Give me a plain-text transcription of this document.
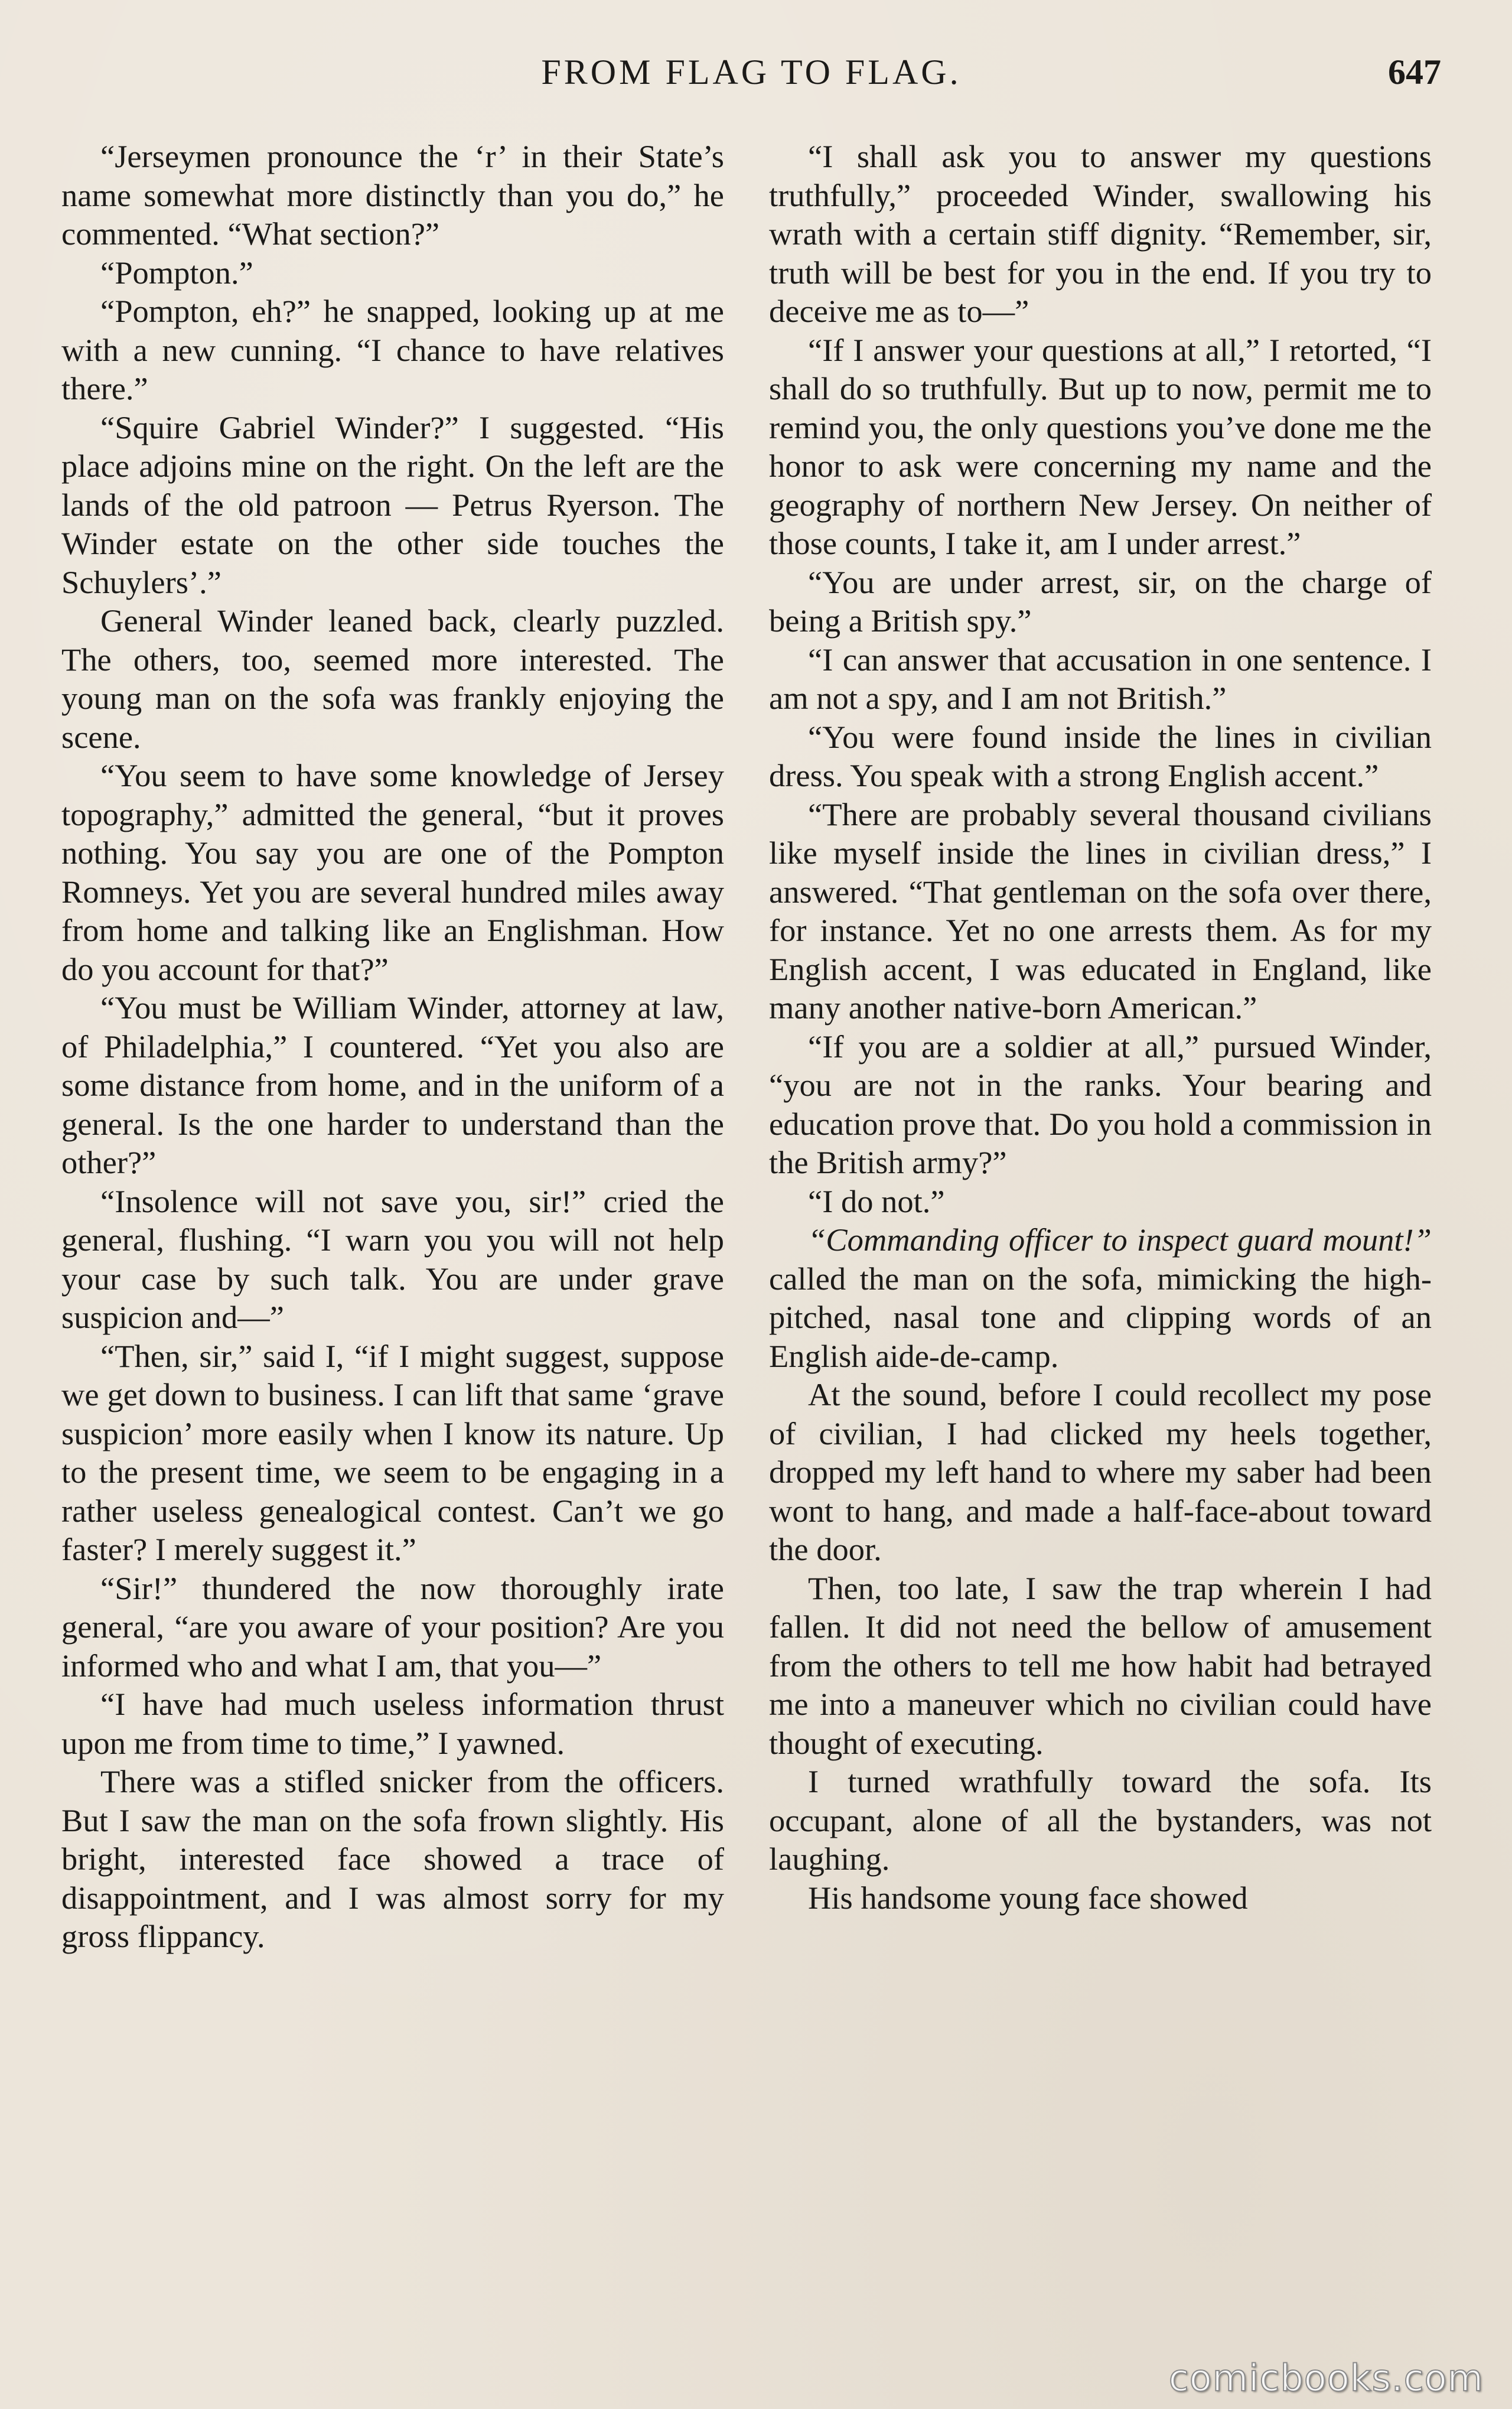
FROM FLAG TO FLAG.	647

“Jerseymen pronounce the ‘r’ in their State’s name somewhat more distinctly than you do,” he commented. “What section?”

“Pompton.”

“Pompton, eh?” he snapped, looking up at me with a new cunning. “I chance to have relatives there.”

“Squire Gabriel Winder?” I suggested. “His place adjoins mine on the right. On the left are the lands of the old patroon — Petrus Ryerson. The Winder estate on the other side touches the Schuylers’.”

General Winder leaned back, clearly puzzled. The others, too, seemed more interested. The young man on the sofa was frankly enjoying the scene.

“You seem to have some knowledge of Jersey topography,” admitted the general, “but it proves nothing. You say you are one of the Pompton Romneys. Yet you are several hundred miles away from home and talking like an Englishman. How do you account for that?”

“You must be William Winder, attorney at law, of Philadelphia,” I countered. “Yet you also are some distance from home, and in the uniform of a general. Is the one harder to understand than the other?”

“Insolence will not save you, sir!” cried the general, flushing. “I warn you you will not help your case by such talk. You are under grave suspicion and—”

“Then, sir,” said I, “if I might suggest, suppose we get down to business. I can lift that same ‘grave suspicion’ more easily when I know its nature. Up to the present time, we seem to be engaging in a rather useless genealogical contest. Can’t we go faster? I merely suggest it.”

“Sir!” thundered the now thoroughly irate general, “are you aware of your position? Are you informed who and what I am, that you—”

“I have had much useless information thrust upon me from time to time,” I yawned.

There was a stifled snicker from the officers. But I saw the man on the sofa frown slightly. His bright, interested face showed a trace of disappointment, and I was almost sorry for my gross flippancy.

“I shall ask you to answer my questions truthfully,” proceeded Winder, swallowing his wrath with a certain stiff dignity. “Remember, sir, truth will be best for you in the end. If you try to deceive me as to—”

“If I answer your questions at all,” I retorted, “I shall do so truthfully. But up to now, permit me to remind you, the only questions you’ve done me the honor to ask were concerning my name and the geography of northern New Jersey. On neither of those counts, I take it, am I under arrest.”

“You are under arrest, sir, on the charge of being a British spy.”

“I can answer that accusation in one sentence. I am not a spy, and I am not British.”

“You were found inside the lines in civilian dress. You speak with a strong English accent.”

“There are probably several thousand civilians like myself inside the lines in civilian dress,” I answered. “That gentleman on the sofa over there, for instance. Yet no one arrests them. As for my English accent, I was educated in England, like many another native-born American.”

“If you are a soldier at all,” pursued Winder, “you are not in the ranks. Your bearing and education prove that. Do you hold a commission in the British army?”

“I do not.”

“Commanding officer to inspect guard mount!” called the man on the sofa, mimicking the high-pitched, nasal tone and clipping words of an English aide-de-camp.

At the sound, before I could recollect my pose of civilian, I had clicked my heels together, dropped my left hand to where my saber had been wont to hang, and made a half-face-about toward the door.

Then, too late, I saw the trap wherein I had fallen. It did not need the bellow of amusement from the others to tell me how habit had betrayed me into a maneuver which no civilian could have thought of executing.

I turned wrathfully toward the sofa. Its occupant, alone of all the bystanders, was not laughing.

His handsome young face showed

comicbooks.com
